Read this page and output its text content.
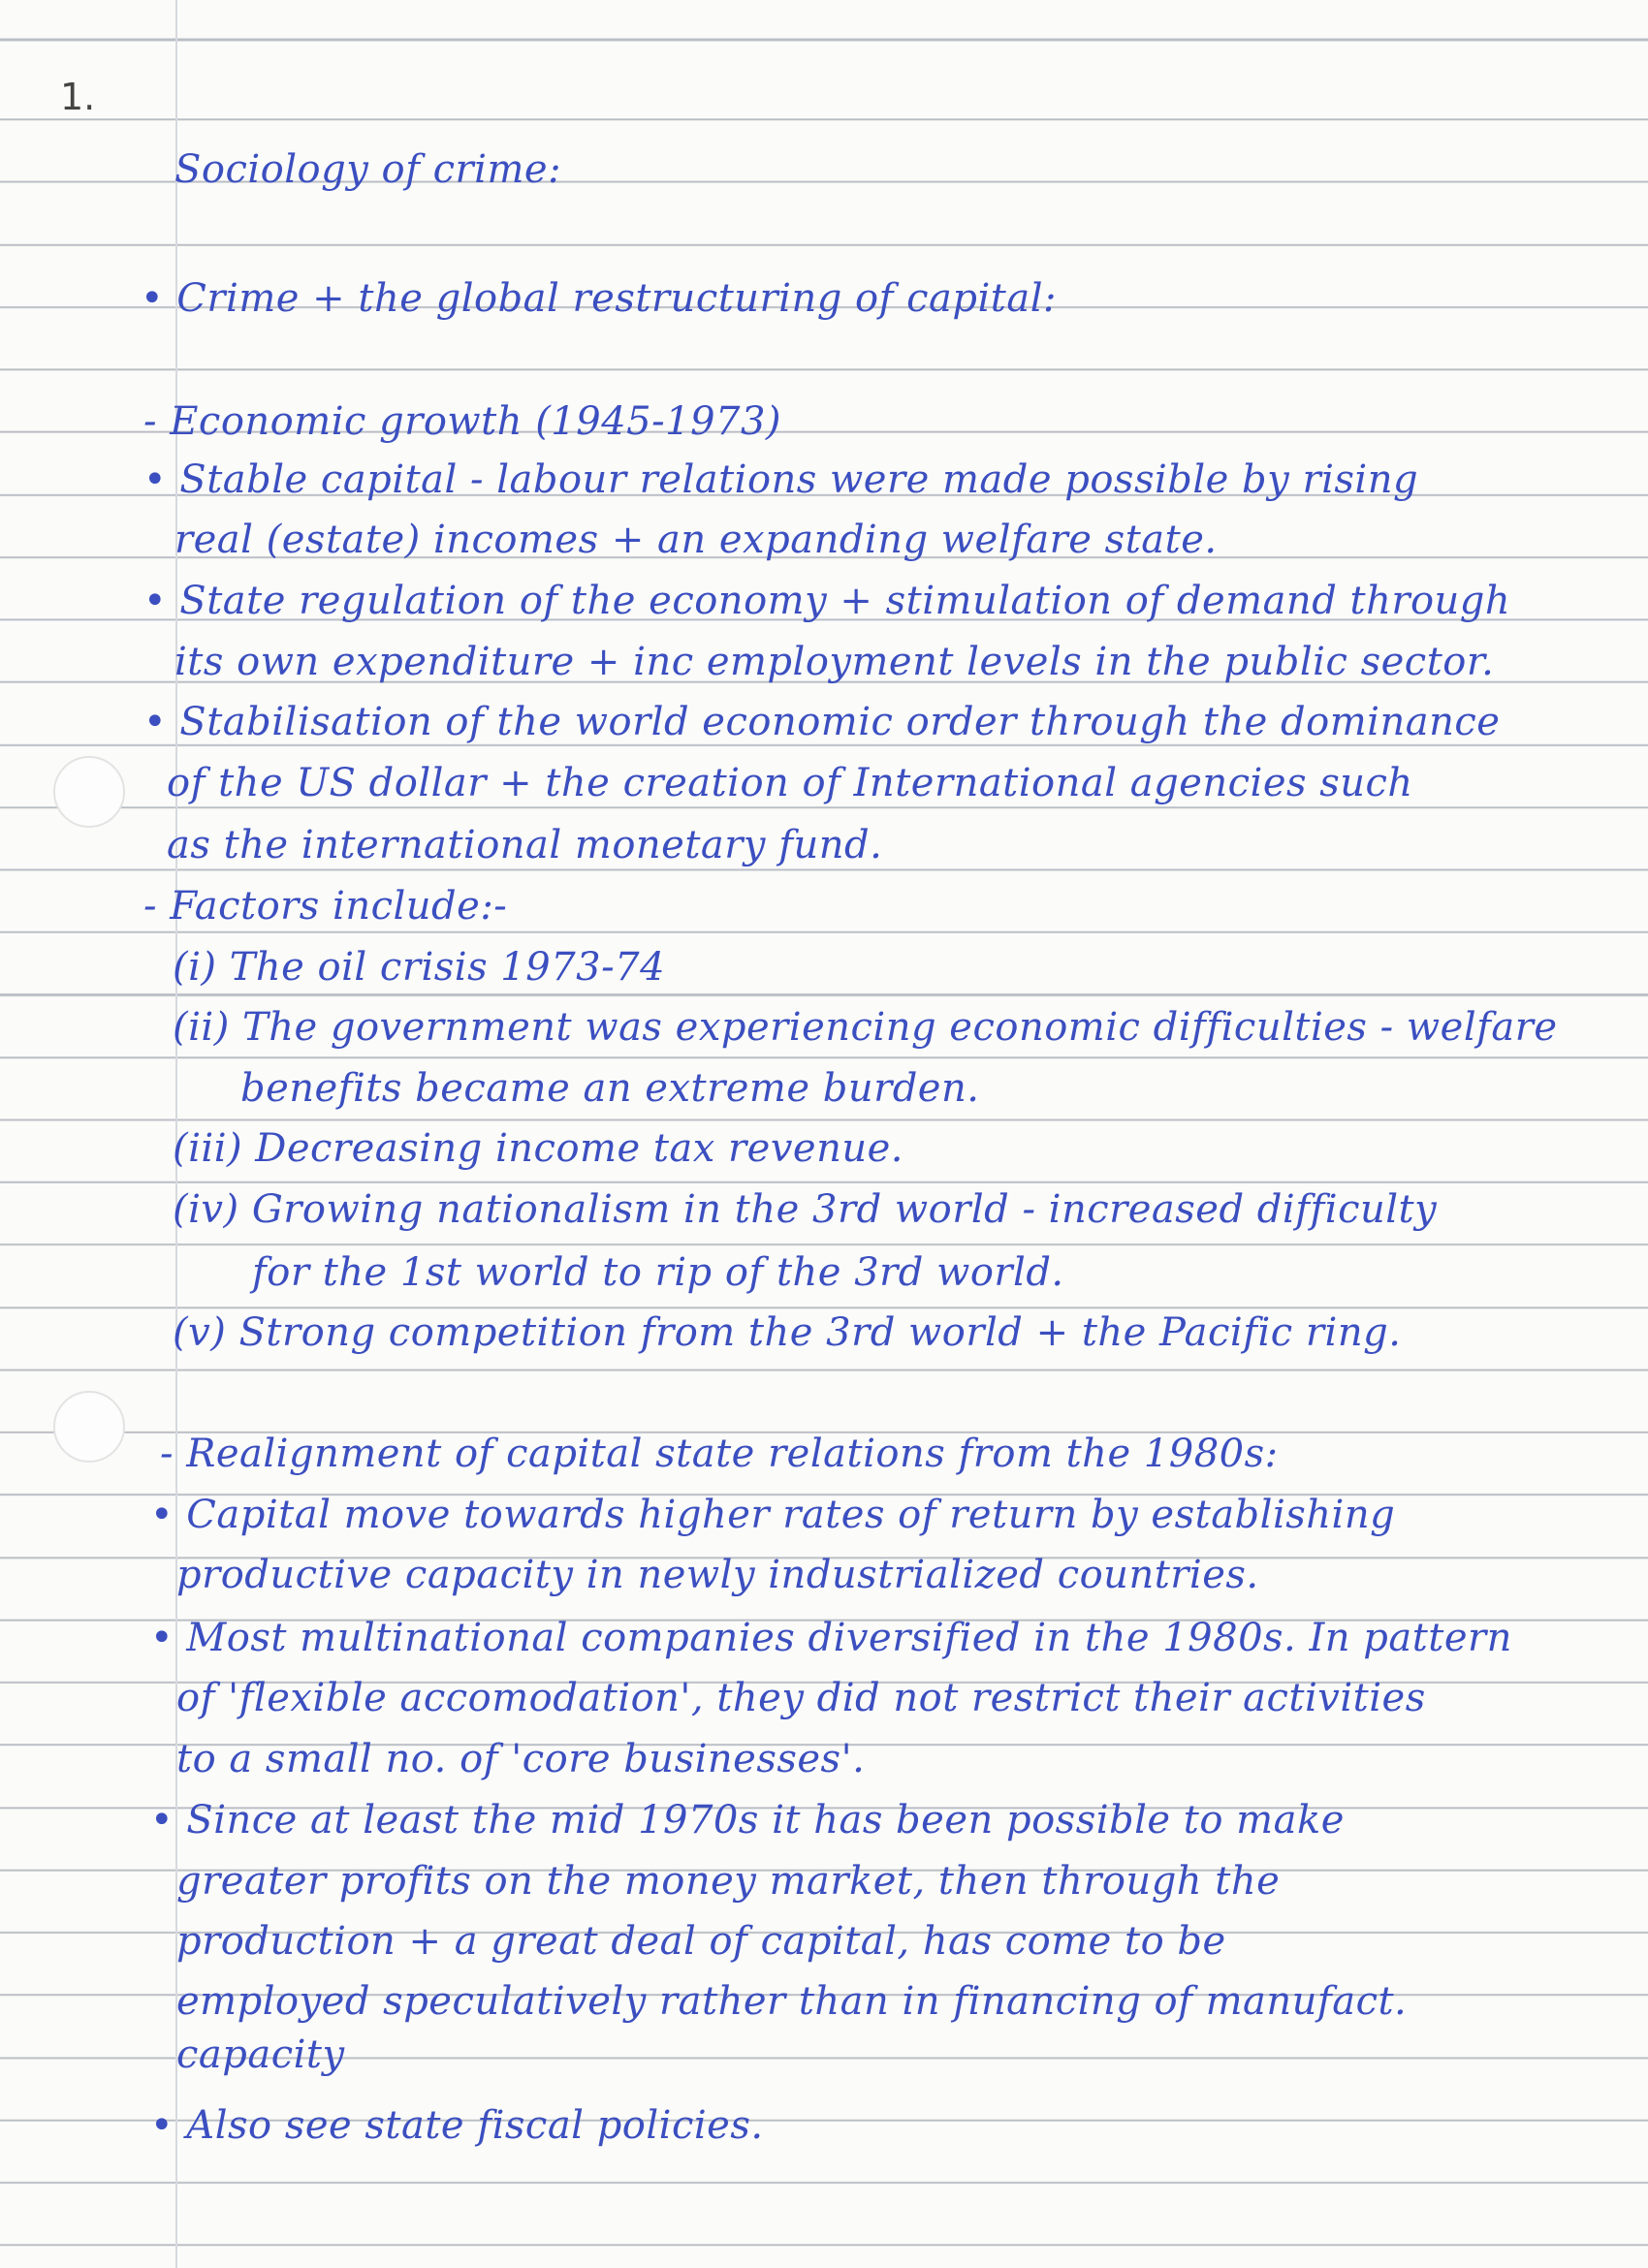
1.
Sociology of crime:
• Crime + the global restructuring of capital:
- Economic growth (1945-1973)
• Stable capital - labour relations were made possible by rising
real (estate) incomes + an expanding welfare state.
• State regulation of the economy + stimulation of demand through
its own expenditure + inc employment levels in the public sector.
• Stabilisation of the world economic order through the dominance
of the US dollar + the creation of International agencies such
as the international monetary fund.
- Factors include:-
(i) The oil crisis 1973-74
(ii) The government was experiencing economic difficulties - welfare
benefits became an extreme burden.
(iii) Decreasing income tax revenue.
(iv) Growing nationalism in the 3rd world - increased difficulty
for the 1st world to rip of the 3rd world.
(v) Strong competition from the 3rd world + the Pacific ring.
- Realignment of capital state relations from the 1980s:
• Capital move towards higher rates of return by establishing
productive capacity in newly industrialized countries.
• Most multinational companies diversified in the 1980s. In pattern
of 'flexible accomodation', they did not restrict their activities
to a small no. of 'core businesses'.
• Since at least the mid 1970s it has been possible to make
greater profits on the money market, then through the
production + a great deal of capital, has come to be
employed speculatively rather than in financing of manufact.
capacity
• Also see state fiscal policies.
